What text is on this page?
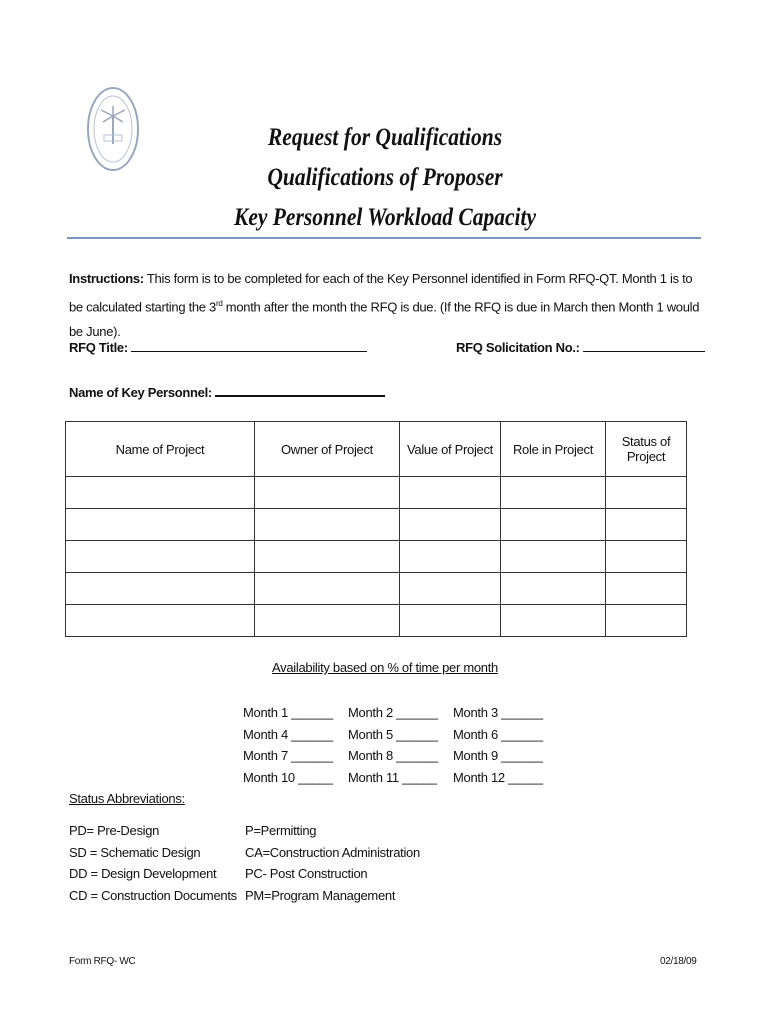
Request for Qualifications
Qualifications of Proposer
Key Personnel Workload Capacity
Instructions: This form is to be completed for each of the Key Personnel identified in Form RFQ-QT. Month 1 is to be calculated starting the 3rd month after the month the RFQ is due. (If the RFQ is due in March then Month 1 would be June).
RFQ Title:	RFQ Solicitation No.:
Name of Key Personnel:
Name of Project	Owner of Project	Value of Project	Role in Project	Status of Project

Availability based on % of time per month
Month 1 ______ Month 2 ______ Month 3 ______
Month 4 ______ Month 5 ______ Month 6 ______
Month 7 ______ Month 8 ______ Month 9 ______
Month 10 _____ Month 11 _____ Month 12 _____
Status Abbreviations:
PD= Pre-Design
SD = Schematic Design
DD = Design Development
CD = Construction Documents
P=Permitting
CA=Construction Administration
PC- Post Construction
PM=Program Management
Form RFQ- WC	02/18/09
